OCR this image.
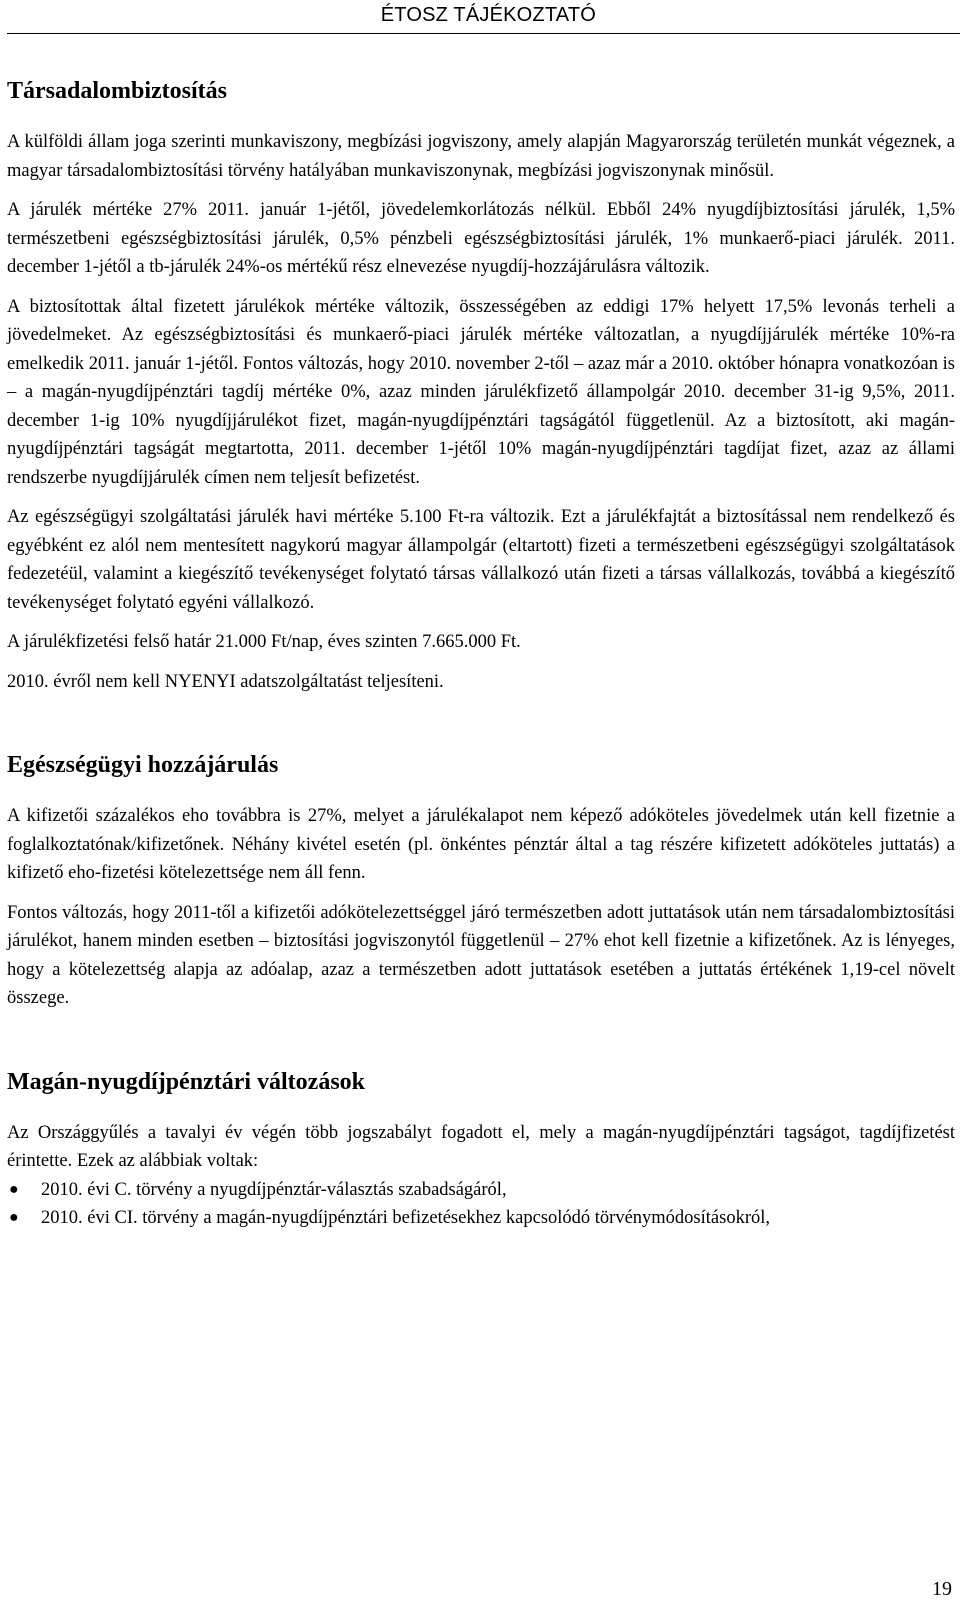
ÉTOSZ TÁJÉKOZTATÓ
Társadalombiztosítás

A külföldi állam joga szerinti munkaviszony, megbízási jogviszony, amely alapján Magyarország területén munkát végeznek, a magyar társadalombiztosítási törvény hatályában munkaviszonynak, megbízási jogviszonynak minősül.

A járulék mértéke 27% 2011. január 1-jétől, jövedelemkorlátozás nélkül. Ebből 24% nyugdíjbiztosítási járulék, 1,5% természetbeni egészségbiztosítási járulék, 0,5% pénzbeli egészségbiztosítási járulék, 1% munkaerő-piaci járulék. 2011. december 1-jétől a tb-járulék 24%-os mértékű rész elnevezése nyugdíj-hozzájárulásra változik.

A biztosítottak által fizetett járulékok mértéke változik, összességében az eddigi 17% helyett 17,5% levonás terheli a jövedelmeket. Az egészségbiztosítási és munkaerő-piaci járulék mértéke változatlan, a nyugdíjjárulék mértéke 10%-ra emelkedik 2011. január 1-jétől. Fontos változás, hogy 2010. november 2-től – azaz már a 2010. október hónapra vonatkozóan is – a magán-nyugdíjpénztári tagdíj mértéke 0%, azaz minden járulékfizető állampolgár 2010. december 31-ig 9,5%, 2011. december 1-ig 10% nyugdíjjárulékot fizet, magán-nyugdíjpénztári tagságától függetlenül. Az a biztosított, aki magán-nyugdíjpénztári tagságát megtartotta, 2011. december 1-jétől 10% magán-nyugdíjpénztári tagdíjat fizet, azaz az állami rendszerbe nyugdíjjárulék címen nem teljesít befizetést.

Az egészségügyi szolgáltatási járulék havi mértéke 5.100 Ft-ra változik. Ezt a járulékfajtát a biztosítással nem rendelkező és egyébként ez alól nem mentesített nagykorú magyar állampolgár (eltartott) fizeti a természetbeni egészségügyi szolgáltatások fedezetéül, valamint a kiegészítő tevékenységet folytató társas vállalkozó után fizeti a társas vállalkozás, továbbá a kiegészítő tevékenységet folytató egyéni vállalkozó.

A járulékfizetési felső határ 21.000 Ft/nap, éves szinten 7.665.000 Ft.

2010. évről nem kell NYENYI adatszolgáltatást teljesíteni.

Egészségügyi hozzájárulás

A kifizetői százalékos eho továbbra is 27%, melyet a járulékalapot nem képező adóköteles jövedelmek után kell fizetnie a foglalkoztatónak/kifizetőnek. Néhány kivétel esetén (pl. önkéntes pénztár által a tag részére kifizetett adóköteles juttatás) a kifizető eho-fizetési kötelezettsége nem áll fenn.

Fontos változás, hogy 2011-től a kifizetői adókötelezettséggel járó természetben adott juttatások után nem társadalombiztosítási járulékot, hanem minden esetben – biztosítási jogviszonytól függetlenül – 27% ehot kell fizetnie a kifizetőnek. Az is lényeges, hogy a kötelezettség alapja az adóalap, azaz a természetben adott juttatások esetében a juttatás értékének 1,19-cel növelt összege.

Magán-nyugdíjpénztári változások

Az Országgyűlés a tavalyi év végén több jogszabályt fogadott el, mely a magán-nyugdíjpénztári tagságot, tagdíjfizetést érintette. Ezek az alábbiak voltak:

● 2010. évi C. törvény a nyugdíjpénztár-választás szabadságáról,
● 2010. évi CI. törvény a magán-nyugdíjpénztári befizetésekhez kapcsolódó törvénymódosításokról,
19
